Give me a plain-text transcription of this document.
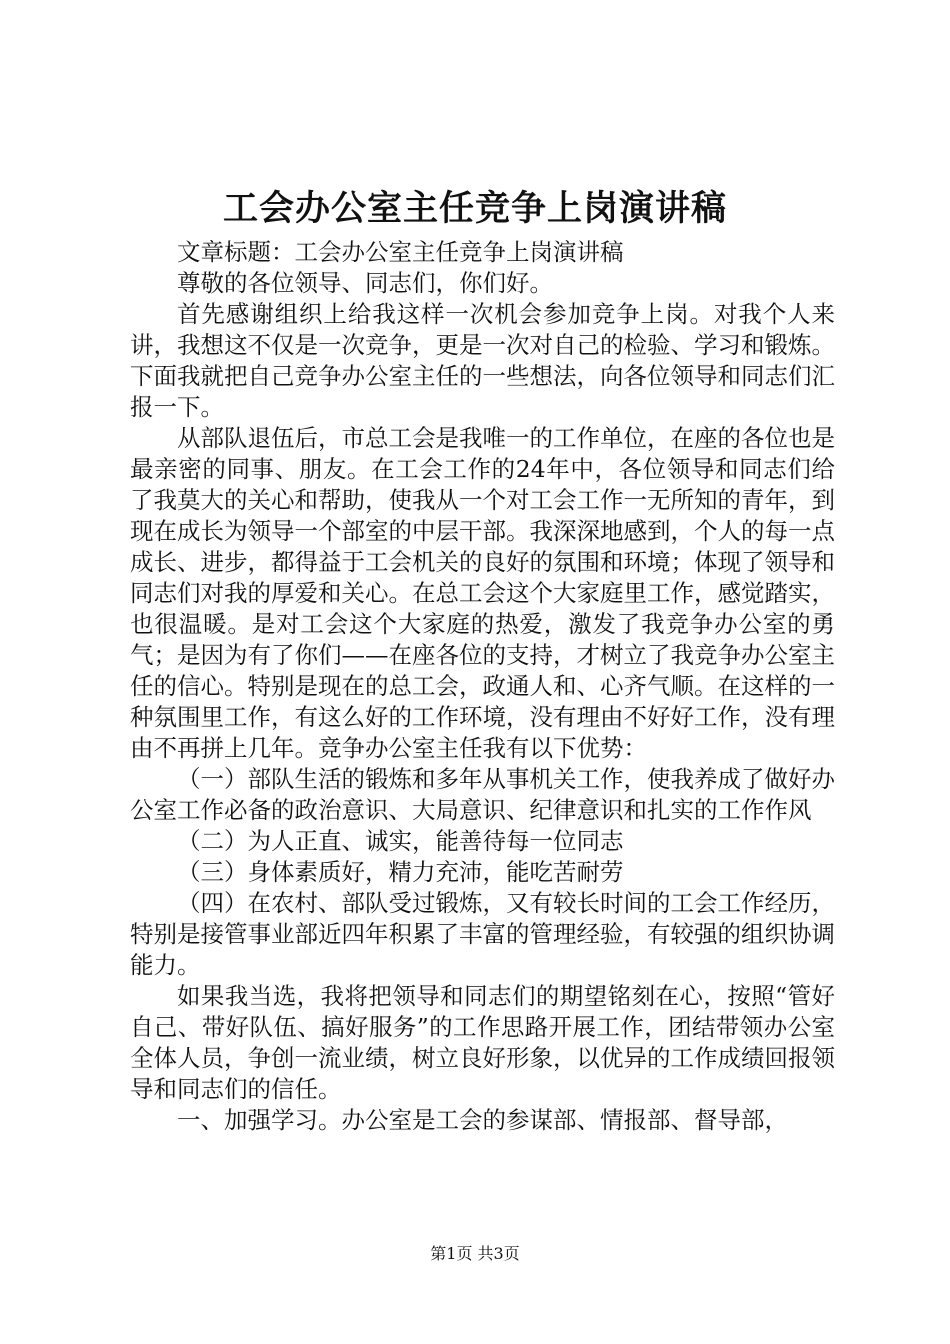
工会办公室主任竞争上岗演讲稿

文章标题：工会办公室主任竞争上岗演讲稿

尊敬的各位领导、同志们，你们好。

首先感谢组织上给我这样一次机会参加竞争上岗。对我个人来讲，我想这不仅是一次竞争，更是一次对自己的检验、学习和锻炼。下面我就把自己竞争办公室主任的一些想法，向各位领导和同志们汇报一下。

从部队退伍后，市总工会是我唯一的工作单位，在座的各位也是最亲密的同事、朋友。在工会工作的24年中，各位领导和同志们给了我莫大的关心和帮助，使我从一个对工会工作一无所知的青年，到现在成长为领导一个部室的中层干部。我深深地感到，个人的每一点成长、进步，都得益于工会机关的良好的氛围和环境；体现了领导和同志们对我的厚爱和关心。在总工会这个大家庭里工作，感觉踏实，也很温暖。是对工会这个大家庭的热爱，激发了我竞争办公室的勇气；是因为有了你们——在座各位的支持，才树立了我竞争办公室主任的信心。特别是现在的总工会，政通人和、心齐气顺。在这样的一种氛围里工作，有这么好的工作环境，没有理由不好好工作，没有理由不再拼上几年。竞争办公室主任我有以下优势：

（一）部队生活的锻炼和多年从事机关工作，使我养成了做好办公室工作必备的政治意识、大局意识、纪律意识和扎实的工作作风

（二）为人正直、诚实，能善待每一位同志

（三）身体素质好，精力充沛，能吃苦耐劳

（四）在农村、部队受过锻炼，又有较长时间的工会工作经历，特别是接管事业部近四年积累了丰富的管理经验，有较强的组织协调能力。

如果我当选，我将把领导和同志们的期望铭刻在心，按照“管好自己、带好队伍、搞好服务”的工作思路开展工作，团结带领办公室全体人员，争创一流业绩，树立良好形象，以优异的工作成绩回报领导和同志们的信任。

一、加强学习。办公室是工会的参谋部、情报部、督导部，

第1页 共3页
